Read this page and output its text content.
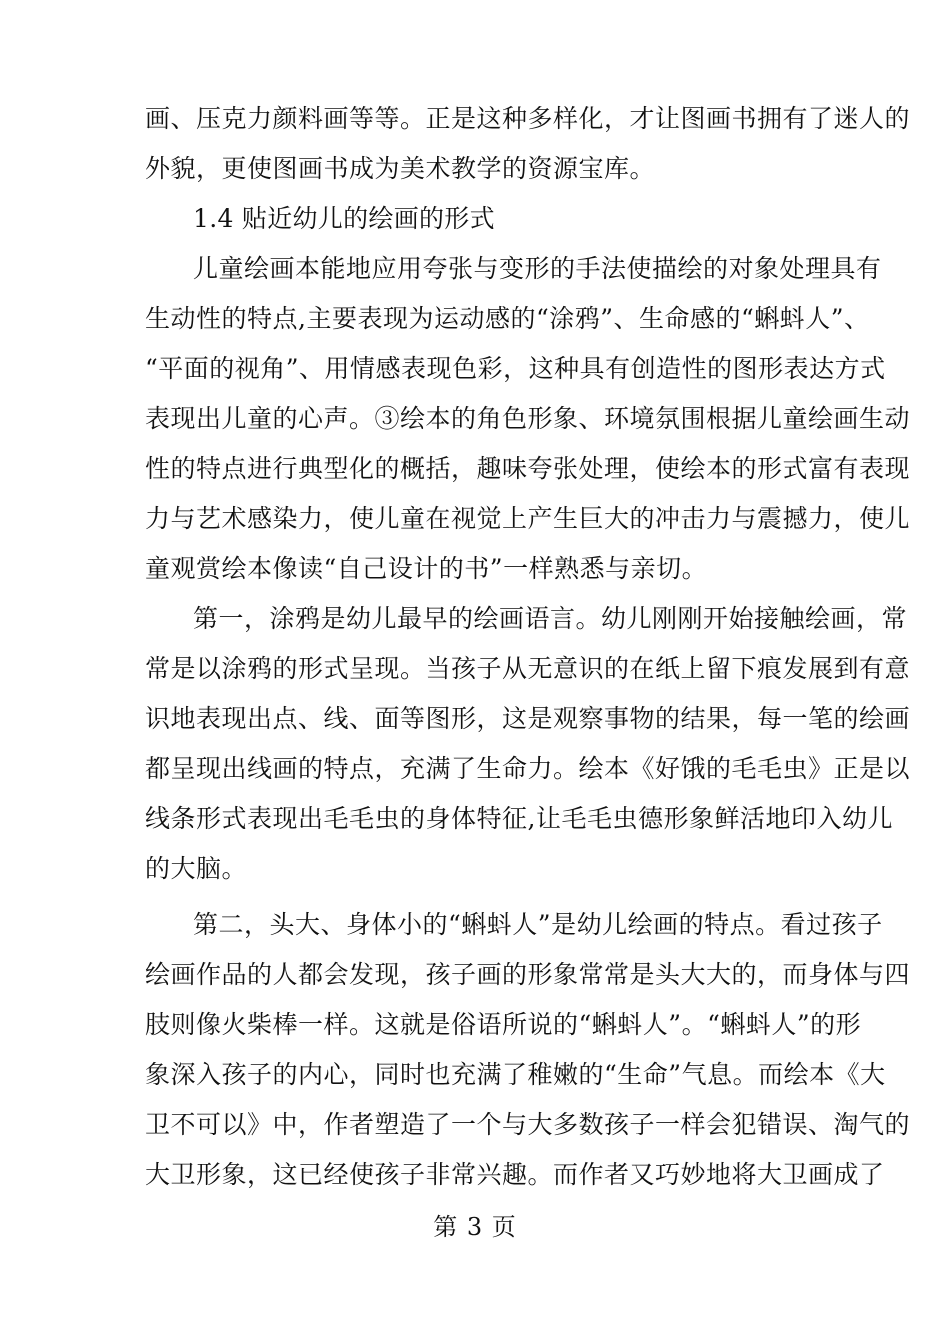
画、压克力颜料画等等。正是这种多样化，才让图画书拥有了迷人的
外貌，更使图画书成为美术教学的资源宝库。
1.4 贴近幼儿的绘画的形式
儿童绘画本能地应用夸张与变形的手法使描绘的对象处理具有
生动性的特点,主要表现为运动感的“涂鸦”、生命感的“蝌蚪人”、
“平面的视角”、用情感表现色彩，这种具有创造性的图形表达方式
表现出儿童的心声。③绘本的角色形象、环境氛围根据儿童绘画生动
性的特点进行典型化的概括，趣味夸张处理，使绘本的形式富有表现
力与艺术感染力，使儿童在视觉上产生巨大的冲击力与震撼力，使儿
童观赏绘本像读“自己设计的书”一样熟悉与亲切。
第一，涂鸦是幼儿最早的绘画语言。幼儿刚刚开始接触绘画，常
常是以涂鸦的形式呈现。当孩子从无意识的在纸上留下痕发展到有意
识地表现出点、线、面等图形，这是观察事物的结果，每一笔的绘画
都呈现出线画的特点，充满了生命力。绘本《好饿的毛毛虫》正是以
线条形式表现出毛毛虫的身体特征,让毛毛虫德形象鲜活地印入幼儿
的大脑。
第二，头大、身体小的“蝌蚪人”是幼儿绘画的特点。看过孩子
绘画作品的人都会发现，孩子画的形象常常是头大大的，而身体与四
肢则像火柴棒一样。这就是俗语所说的“蝌蚪人”。“蝌蚪人”的形
象深入孩子的内心，同时也充满了稚嫩的“生命”气息。而绘本《大
卫不可以》中，作者塑造了一个与大多数孩子一样会犯错误、淘气的
大卫形象，这已经使孩子非常兴趣。而作者又巧妙地将大卫画成了
第 3 页
